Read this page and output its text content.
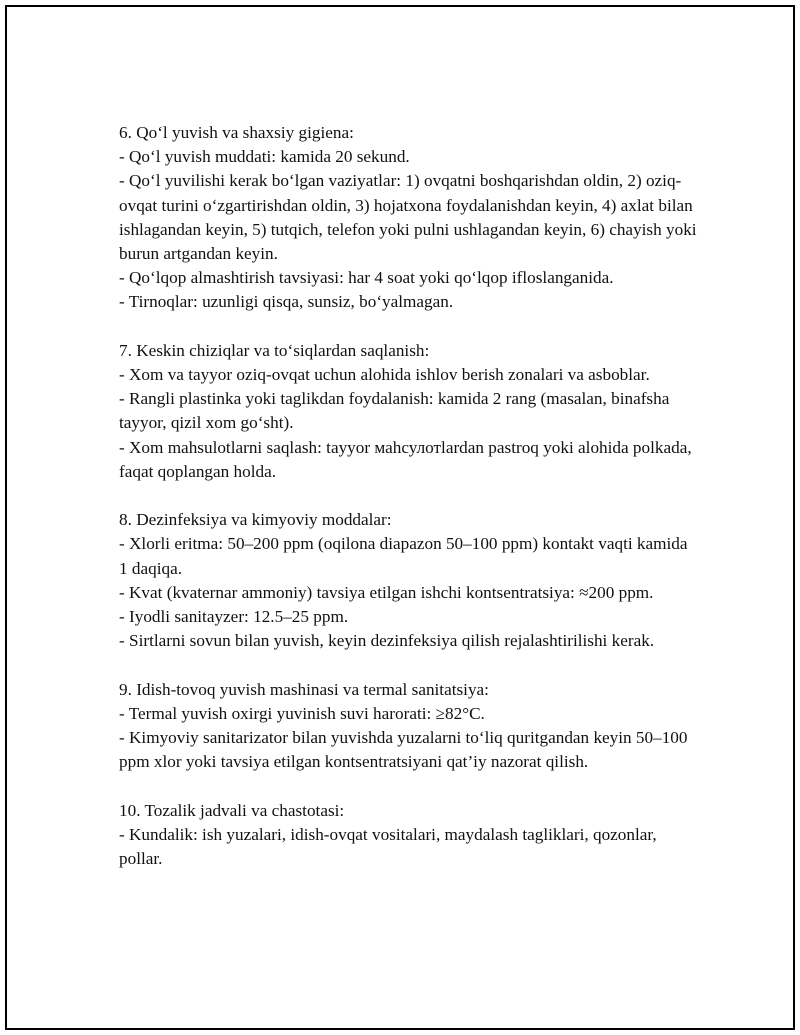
6. Qo‘l yuvish va shaxsiy gigiena:

- Qo‘l yuvish muddati: kamida 20 sekund.

- Qo‘l yuvilishi kerak bo‘lgan vaziyatlar: 1) ovqatni boshqarishdan oldin, 2) oziq-ovqat turini o‘zgartirishdan oldin, 3) hojatxona foydalanishdan keyin, 4) axlat bilan ishlagandan keyin, 5) tutqich, telefon yoki pulni ushlagandan keyin, 6) chayish yoki burun artgandan keyin.

- Qo‘lqop almashtirish tavsiyasi: har 4 soat yoki qo‘lqop ifloslanganida.

- Tirnoqlar: uzunligi qisqa, sunsiz, bo‘yalmagan.

7. Keskin chiziqlar va to‘siqlardan saqlanish:

- Xom va tayyor oziq-ovqat uchun alohida ishlov berish zonalari va asboblar.

- Rangli plastinka yoki taglikdan foydalanish: kamida 2 rang (masalan, binafsha tayyor, qizil xom go‘sht).

- Xom mahsulotlarni saqlash: tayyor маhсулотlardan pastroq yoki alohida polkada, faqat qoplangan holda.

8. Dezinfeksiya va kimyoviy moddalar:

- Xlorli eritma: 50–200 ppm (oqilona diapazon 50–100 ppm) kontakt vaqti kamida 1 daqiqa.

- Kvat (kvaternar ammoniy) tavsiya etilgan ishchi kontsentratsiya: ≈200 ppm.

- Iyodli sanitayzer: 12.5–25 ppm.

- Sirtlarni sovun bilan yuvish, keyin dezinfeksiya qilish rejalashtirilishi kerak.

9. Idish-tovoq yuvish mashinasi va termal sanitatsiya:

- Termal yuvish oxirgi yuvinish suvi harorati: ≥82°C.

- Kimyoviy sanitarizator bilan yuvishda yuzalarni to‘liq quritgandan keyin 50–100 ppm xlor yoki tavsiya etilgan kontsentratsiyani qat’iy nazorat qilish.

10. Tozalik jadvali va chastotasi:

- Kundalik: ish yuzalari, idish-ovqat vositalari, maydalash tagliklari, qozonlar, pollar.
